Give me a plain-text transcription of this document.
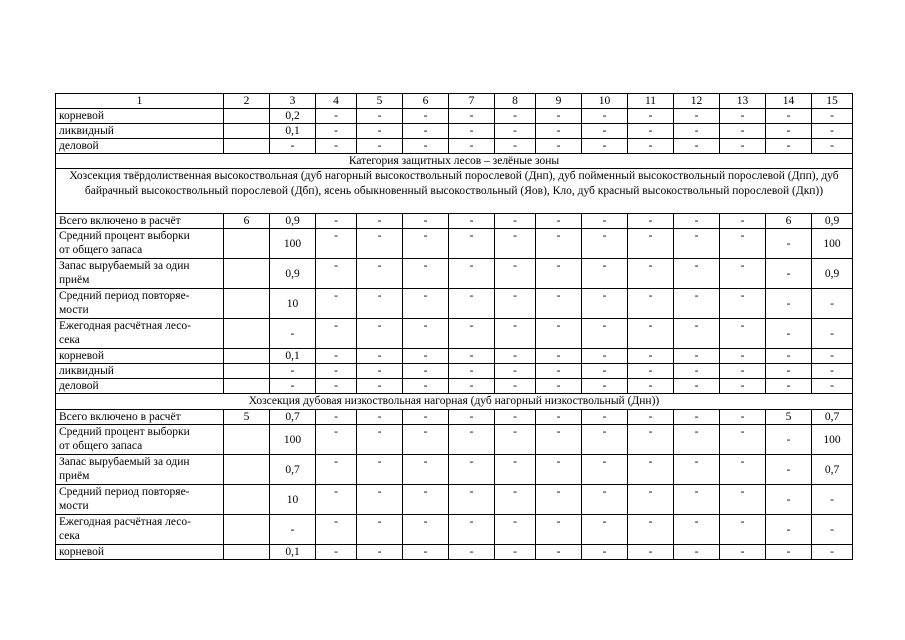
1	2	3	4	5	6	7	8	9	10	11	12	13	14	15
корневой		0,2	-	-	-	-	-	-	-	-	-	-	-	-
ликвидный		0,1	-	-	-	-	-	-	-	-	-	-	-	-
деловой		-	-	-	-	-	-	-	-	-	-	-	-	-
Категория защитных лесов – зелёные зоны														
Хозсекция твёрдолиственная высокоствольная (дуб нагорный высокоствольный порослевой (Днп), дуб пойменный высокоствольный порослевой (Дпп), дуб байрачный высокоствольный порослевой (Дбп), ясень обыкновенный высокоствольный (Яов), Кло, дуб красный высокоствольный порослевой (Дкп))														

Всего включено в расчёт	6	0,9	-	-	-	-	-	-	-	-	-	-	6	0,9

Средний процент выборки
от общего запаса		100	-	-	-	-	-	-	-	-	-	-	-	100

Запас вырубаемый за один
приём		0,9	-	-	-	-	-	-	-	-	-	-	-	0,9

Средний период повторяе-
мости		10	-	-	-	-	-	-	-	-	-	-	-	-

Ежегодная расчётная лесо-
сека		-	-	-	-	-	-	-	-	-	-	-	-	-

корневой		0,1	-	-	-	-	-	-	-	-	-	-	-	-

ликвидный		-	-	-	-	-	-	-	-	-	-	-	-	-

деловой		-	-	-	-	-	-	-	-	-	-	-	-	-
Хозсекция дубовая низкоствольная нагорная (дуб нагорный низкоствольный (Днн))														

Всего включено в расчёт	5	0,7	-	-	-	-	-	-	-	-	-	-	5	0,7

Средний процент выборки
от общего запаса		100	-	-	-	-	-	-	-	-	-	-	-	100

Запас вырубаемый за один
приём		0,7	-	-	-	-	-	-	-	-	-	-	-	0,7

Средний период повторяе-
мости		10	-	-	-	-	-	-	-	-	-	-	-	-

Ежегодная расчётная лесо-
сека		-	-	-	-	-	-	-	-	-	-	-	-	-

корневой		0,1	-	-	-	-	-	-	-	-	-	-	-	-
